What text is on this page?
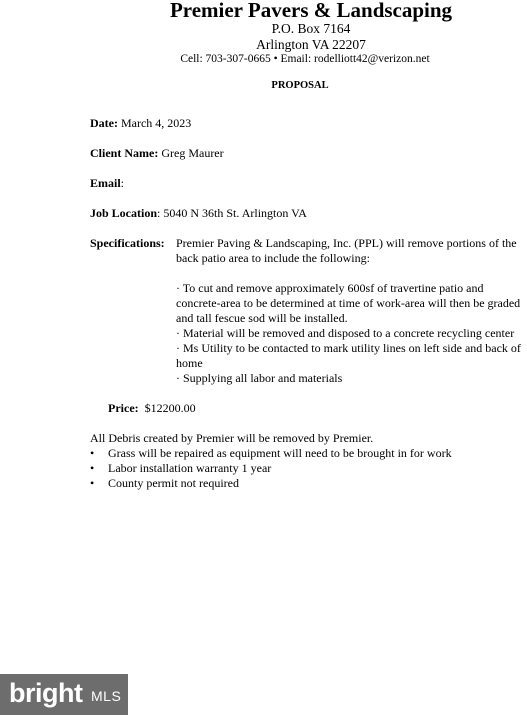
Premier Pavers & Landscaping
P.O. Box 7164
Arlington VA 22207
Cell: 703-307-0665 • Email: rodelliott42@verizon.net
PROPOSAL
Date: March 4, 2023
Client Name: Greg Maurer
Email:
Job Location: 5040 N 36th St. Arlington VA
Specifications: Premier Paving & Landscaping, Inc. (PPL) will remove portions of the back patio area to include the following:

· To cut and remove approximately 600sf of travertine patio and concrete-area to be determined at time of work-area will then be graded and tall fescue sod will be installed.

· Material will be removed and disposed to a concrete recycling center

· Ms Utility to be contacted to mark utility lines on left side and back of home

· Supplying all labor and materials

Price: $12200.00
All Debris created by Premier will be removed by Premier.
• Grass will be repaired as equipment will need to be brought in for work
• Labor installation warranty 1 year
• County permit not required
bright MLS
